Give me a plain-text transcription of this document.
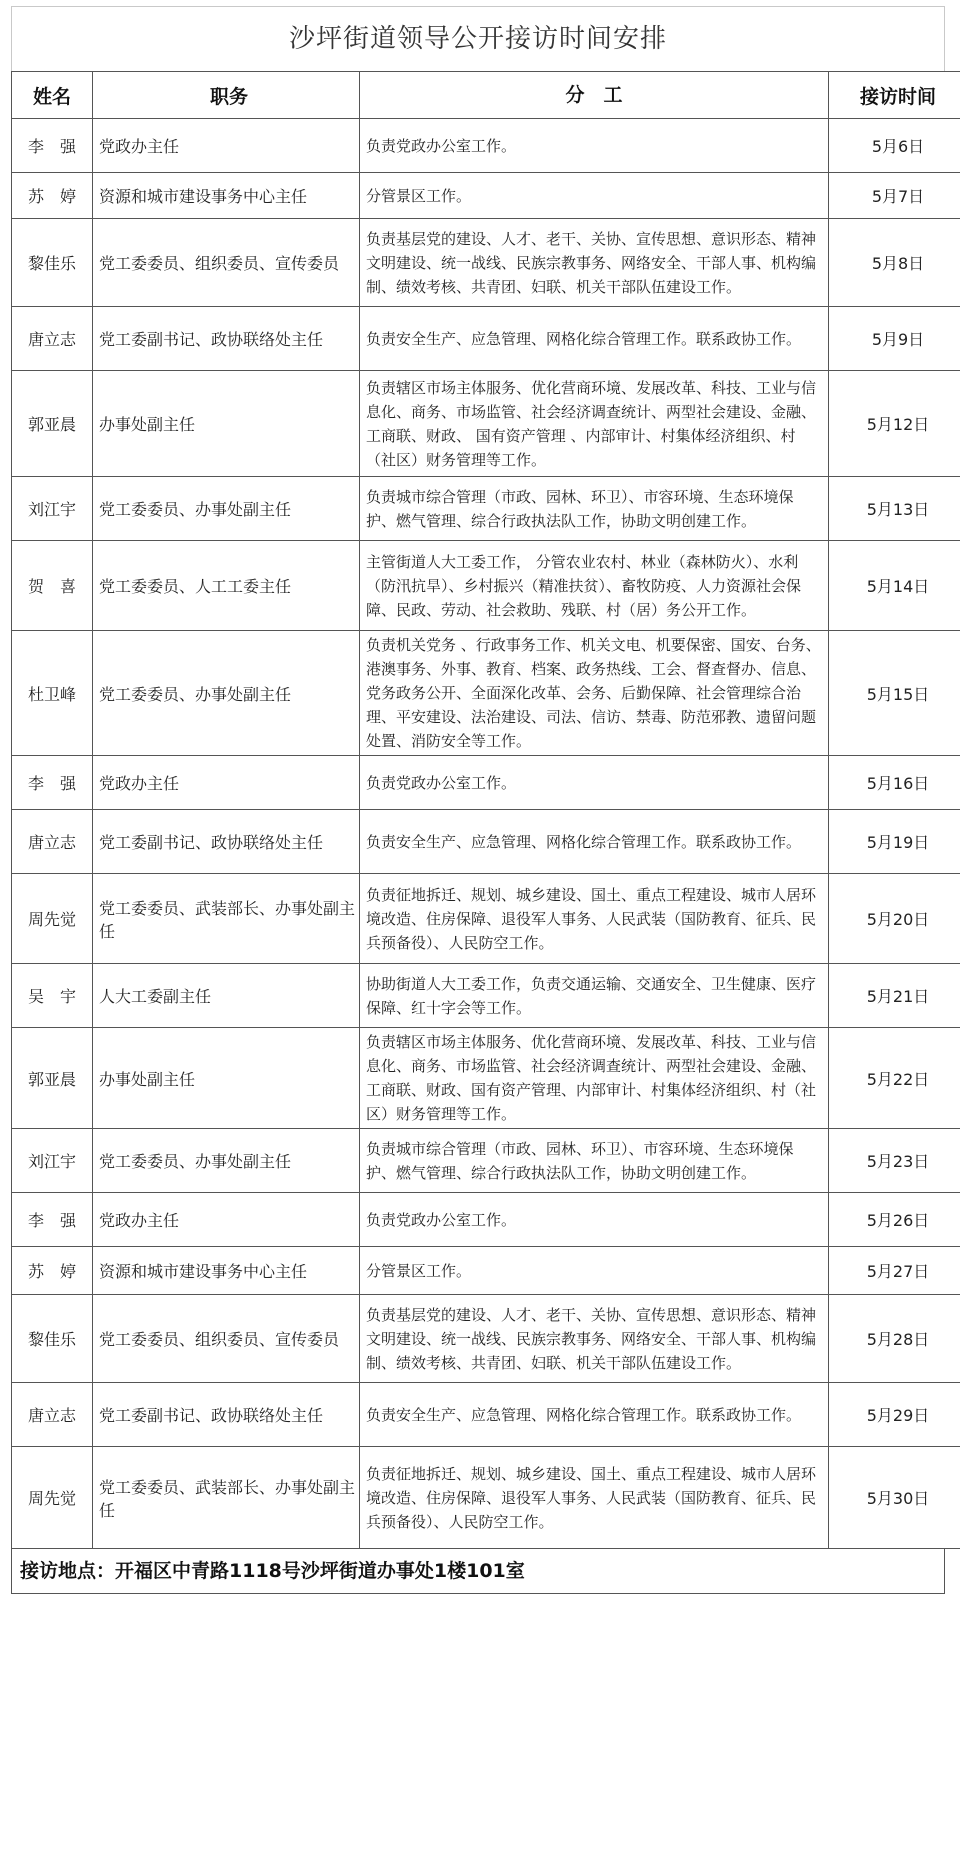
沙坪街道领导公开接访时间安排
姓名	职务	分　工	接访时间
李　强	党政办主任	负责党政办公室工作。	5月6日
苏　婷	资源和城市建设事务中心主任	分管景区工作。	5月7日
黎佳乐	党工委委员、组织委员、宣传委员	负责基层党的建设、人才、老干、关协、宣传思想、意识形态、精神文明建设、统一战线、民族宗教事务、网络安全、干部人事、机构编制、绩效考核、共青团、妇联、机关干部队伍建设工作。	5月8日
唐立志	党工委副书记、政协联络处主任	负责安全生产、应急管理、网格化综合管理工作。联系政协工作。	5月9日
郭亚晨	办事处副主任	负责辖区市场主体服务、优化营商环境、发展改革、科技、工业与信息化、商务、市场监管、社会经济调查统计、两型社会建设、金融、工商联、财政、 国有资产管理 、内部审计、村集体经济组织、村（社区）财务管理等工作。	5月12日
刘江宇	党工委委员、办事处副主任	负责城市综合管理（市政、园林、环卫）、市容环境、生态环境保护、燃气管理、综合行政执法队工作，协助文明创建工作。	5月13日
贺　喜	党工委委员、人工工委主任	主管街道人大工委工作， 分管农业农村、林业（森林防火）、水利（防汛抗旱）、乡村振兴（精准扶贫）、畜牧防疫、人力资源社会保障、民政、劳动、社会救助、残联、村（居）务公开工作。	5月14日
杜卫峰	党工委委员、办事处副主任	负责机关党务 、行政事务工作、机关文电、机要保密、国安、台务、港澳事务、外事、教育、档案、政务热线、工会、督查督办、信息、党务政务公开、全面深化改革、会务、后勤保障、社会管理综合治理、平安建设、法治建设、司法、信访、禁毒、防范邪教、遗留问题处置、消防安全等工作。	5月15日
李　强	党政办主任	负责党政办公室工作。	5月16日
唐立志	党工委副书记、政协联络处主任	负责安全生产、应急管理、网格化综合管理工作。联系政协工作。	5月19日
周先觉	党工委委员、武装部长、办事处副主任	负责征地拆迁、规划、城乡建设、国土、重点工程建设、城市人居环境改造、住房保障、退役军人事务、人民武装（国防教育、征兵、民兵预备役）、人民防空工作。	5月20日
吴　宇	人大工委副主任	协助街道人大工委工作，负责交通运输、交通安全、卫生健康、医疗保障、红十字会等工作。	5月21日
郭亚晨	办事处副主任	负责辖区市场主体服务、优化营商环境、发展改革、科技、工业与信息化、商务、市场监管、社会经济调查统计、两型社会建设、金融、工商联、财政、国有资产管理、内部审计、村集体经济组织、村（社区）财务管理等工作。	5月22日
刘江宇	党工委委员、办事处副主任	负责城市综合管理（市政、园林、环卫）、市容环境、生态环境保护、燃气管理、综合行政执法队工作，协助文明创建工作。	5月23日
李　强	党政办主任	负责党政办公室工作。	5月26日
苏　婷	资源和城市建设事务中心主任	分管景区工作。	5月27日
黎佳乐	党工委委员、组织委员、宣传委员	负责基层党的建设、人才、老干、关协、宣传思想、意识形态、精神文明建设、统一战线、民族宗教事务、网络安全、干部人事、机构编制、绩效考核、共青团、妇联、机关干部队伍建设工作。	5月28日
唐立志	党工委副书记、政协联络处主任	负责安全生产、应急管理、网格化综合管理工作。联系政协工作。	5月29日
周先觉	党工委委员、武装部长、办事处副主任	负责征地拆迁、规划、城乡建设、国土、重点工程建设、城市人居环境改造、住房保障、退役军人事务、人民武装（国防教育、征兵、民兵预备役）、人民防空工作。	5月30日
接访地点：开福区中青路1118号沙坪街道办事处1楼101室
